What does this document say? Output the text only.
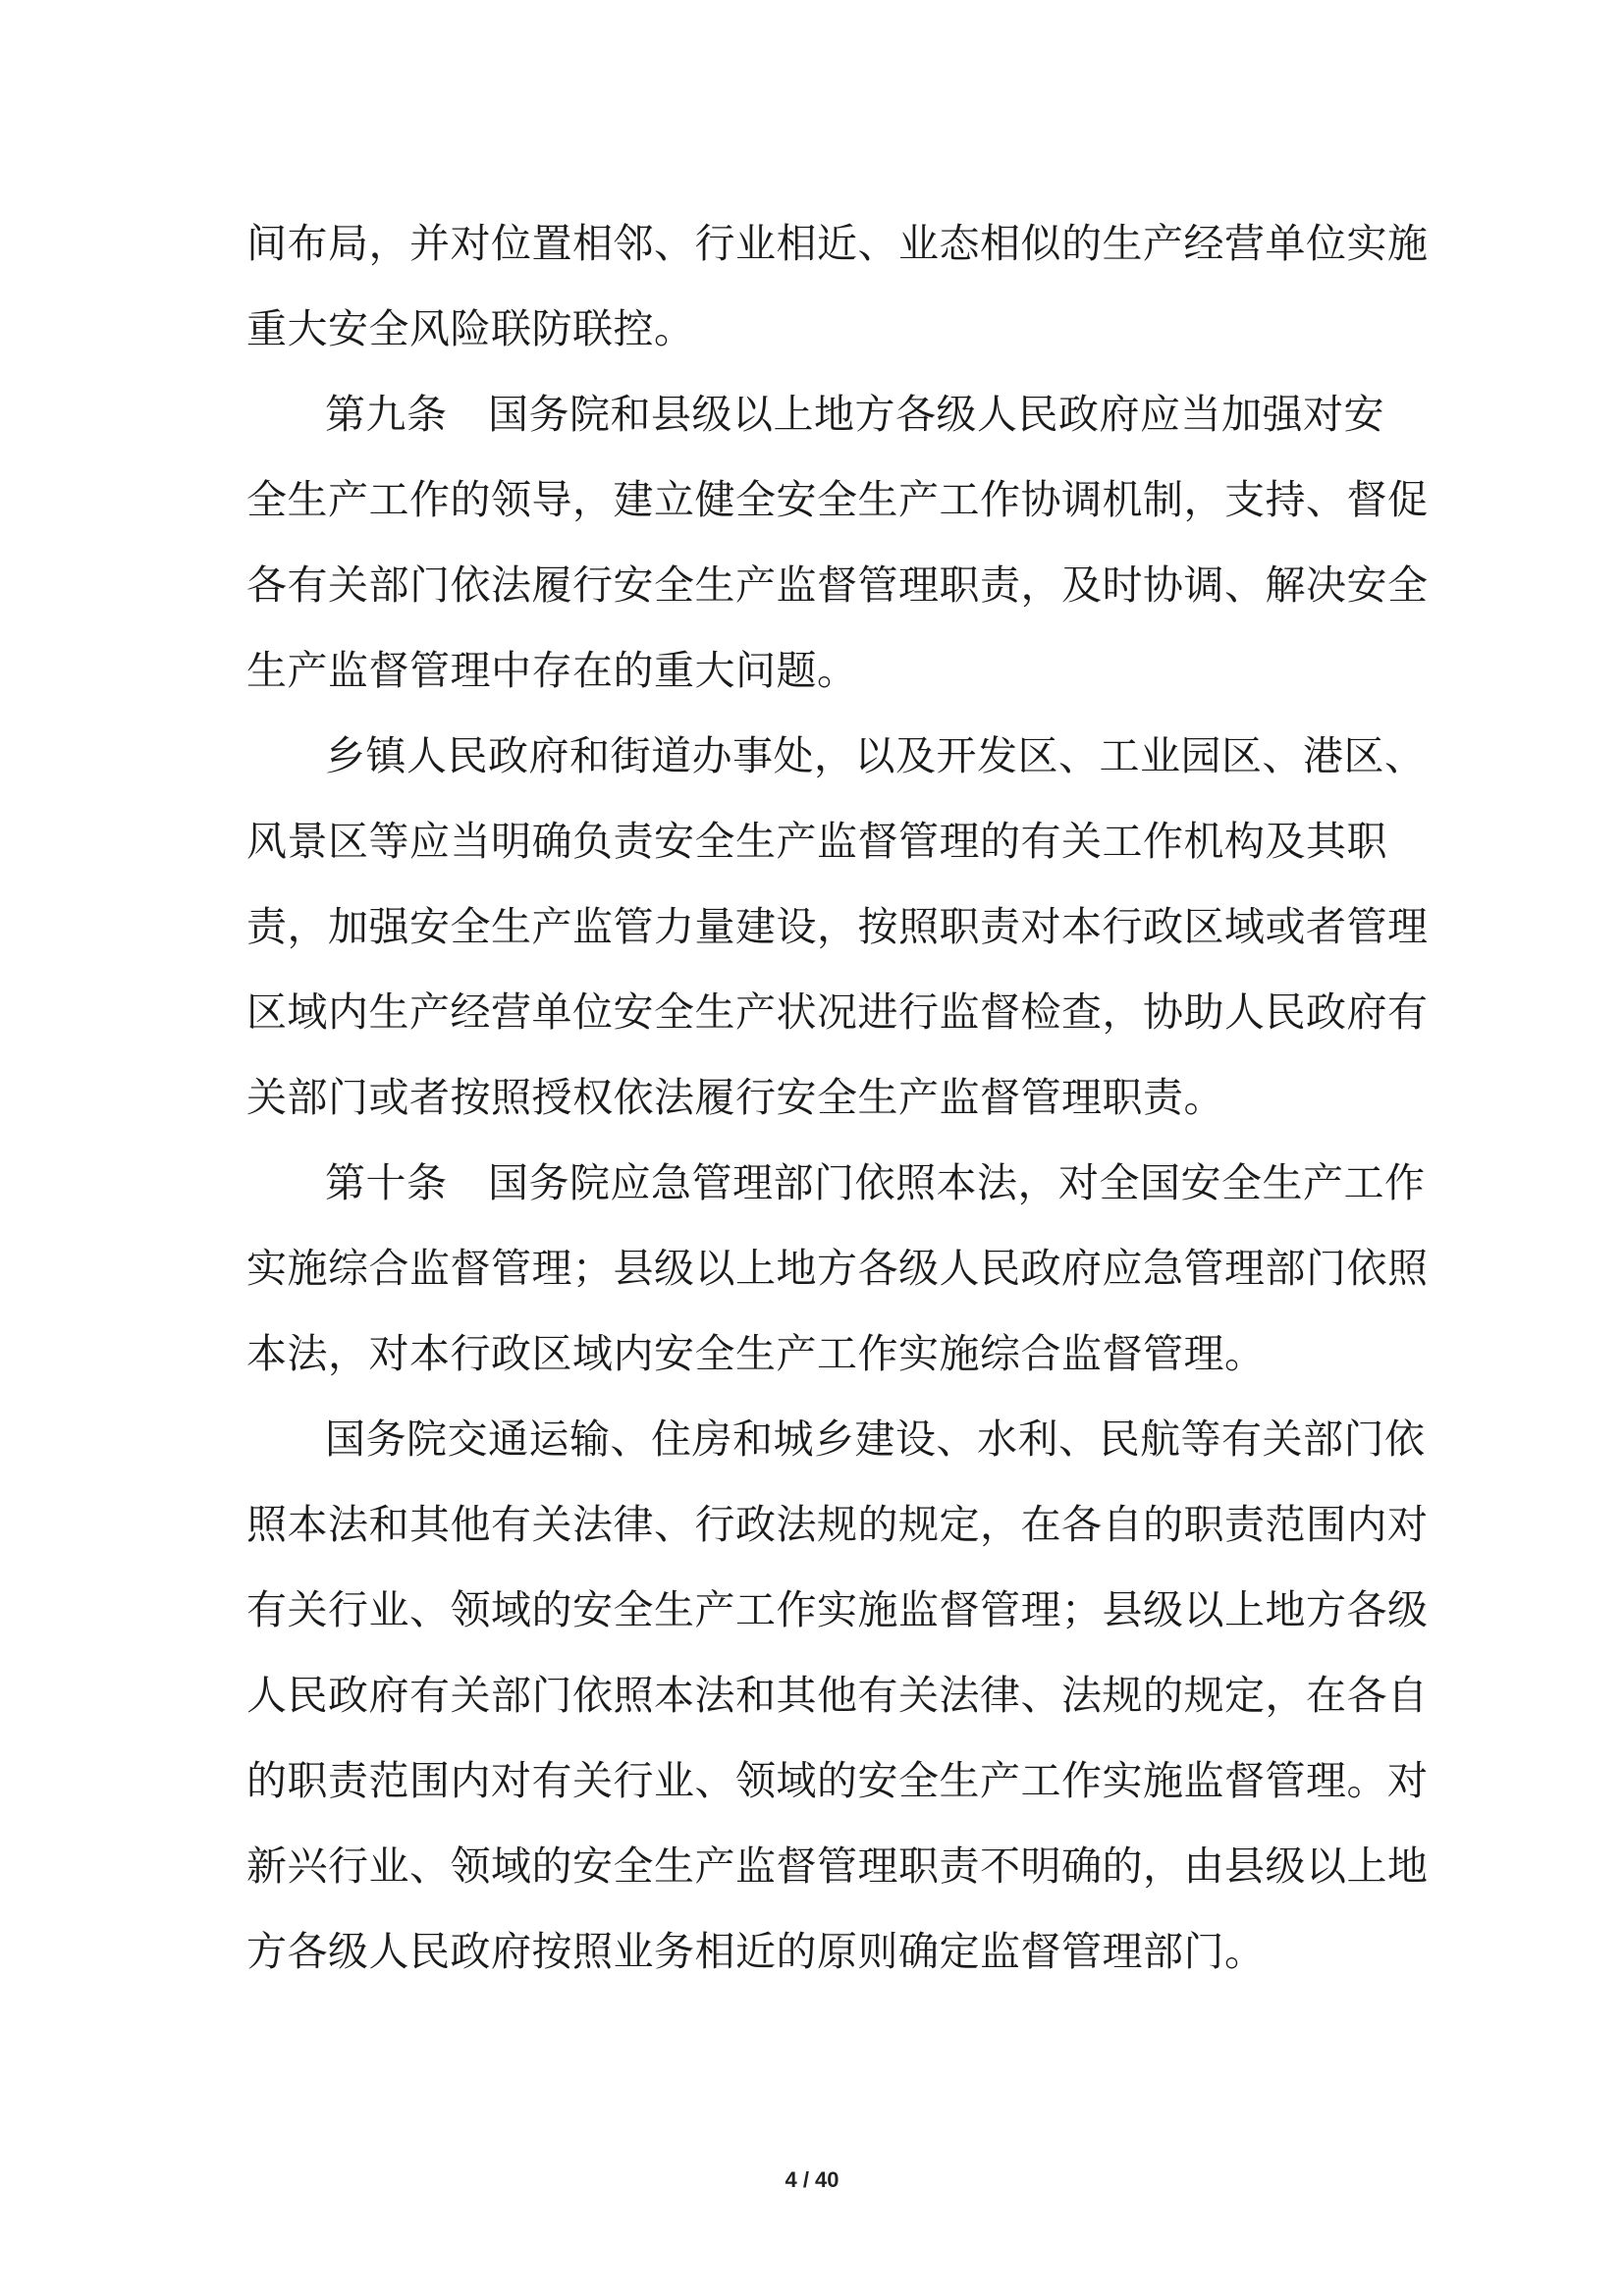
间布局，并对位置相邻、行业相近、业态相似的生产经营单位实施
重大安全风险联防联控。
第九条　国务院和县级以上地方各级人民政府应当加强对安
全生产工作的领导，建立健全安全生产工作协调机制，支持、督促
各有关部门依法履行安全生产监督管理职责，及时协调、解决安全
生产监督管理中存在的重大问题。
乡镇人民政府和街道办事处，以及开发区、工业园区、港区、
风景区等应当明确负责安全生产监督管理的有关工作机构及其职
责，加强安全生产监管力量建设，按照职责对本行政区域或者管理
区域内生产经营单位安全生产状况进行监督检查，协助人民政府有
关部门或者按照授权依法履行安全生产监督管理职责。
第十条　国务院应急管理部门依照本法，对全国安全生产工作
实施综合监督管理；县级以上地方各级人民政府应急管理部门依照
本法，对本行政区域内安全生产工作实施综合监督管理。
国务院交通运输、住房和城乡建设、水利、民航等有关部门依
照本法和其他有关法律、行政法规的规定，在各自的职责范围内对
有关行业、领域的安全生产工作实施监督管理；县级以上地方各级
人民政府有关部门依照本法和其他有关法律、法规的规定，在各自
的职责范围内对有关行业、领域的安全生产工作实施监督管理。对
新兴行业、领域的安全生产监督管理职责不明确的，由县级以上地
方各级人民政府按照业务相近的原则确定监督管理部门。
4 / 40
